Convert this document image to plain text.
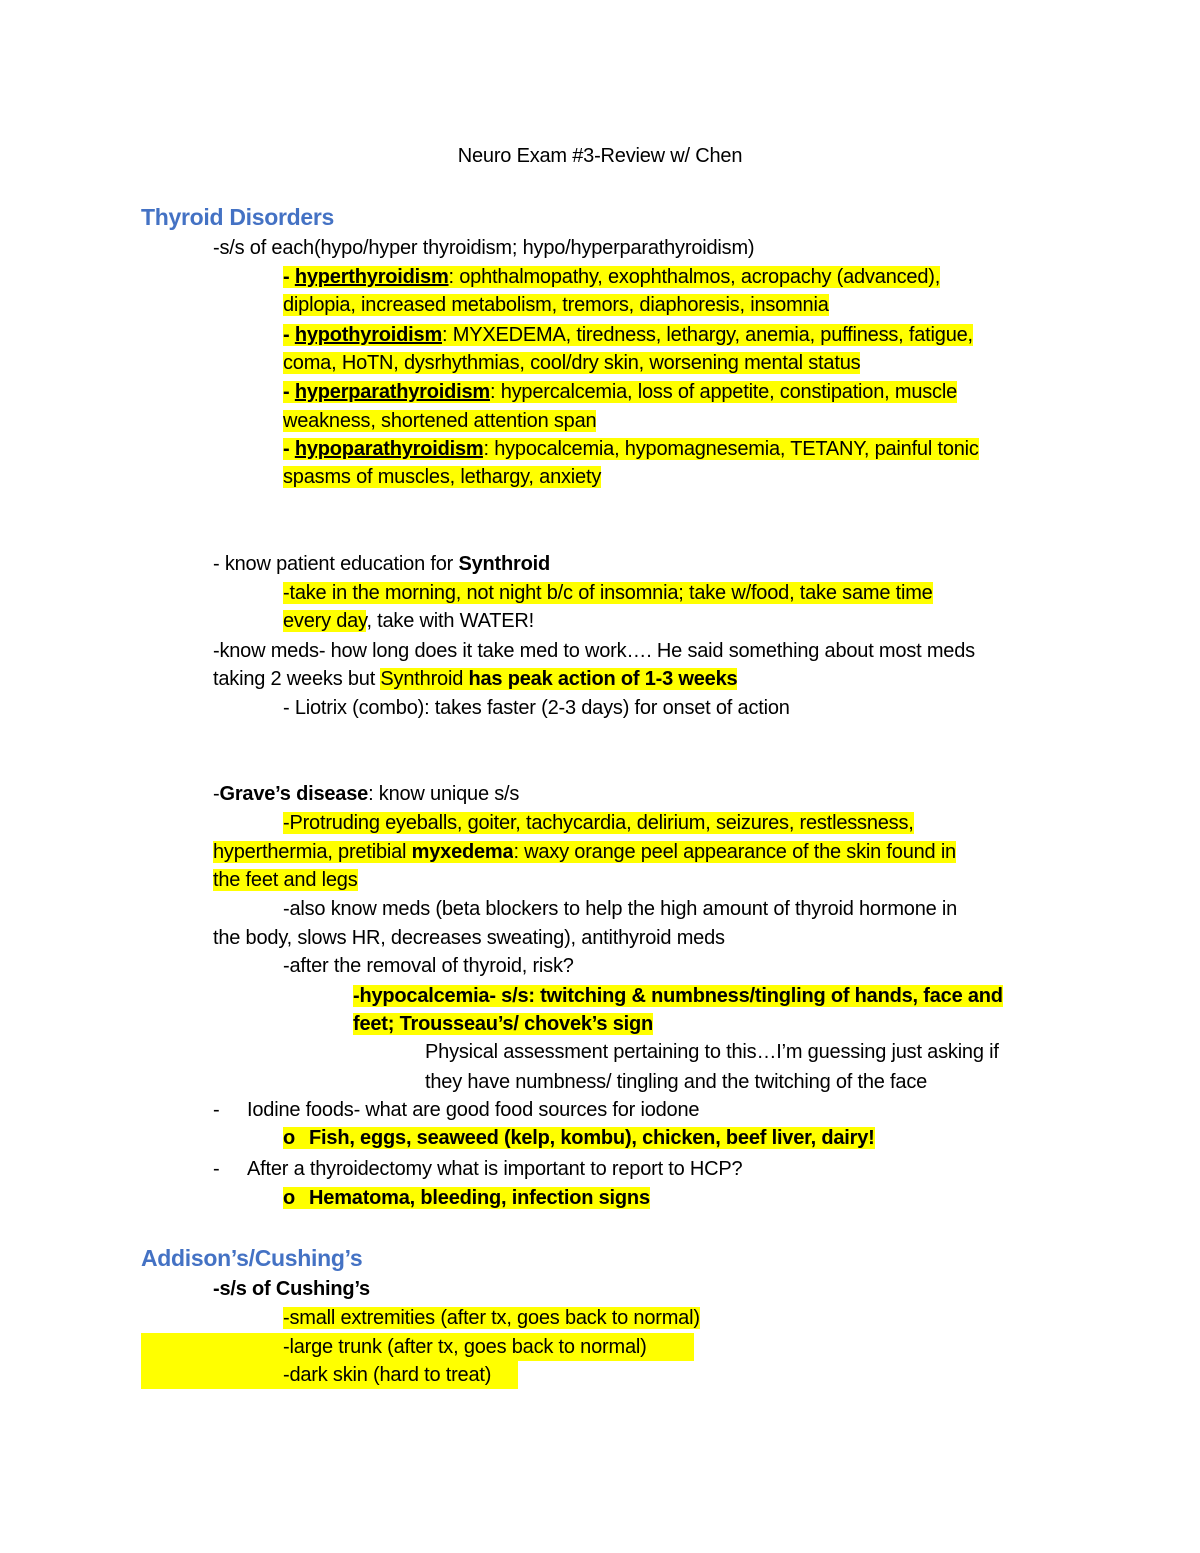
Neuro Exam #3-Review w/ Chen
Thyroid Disorders
-s/s of each(hypo/hyper thyroidism; hypo/hyperparathyroidism)
- hyperthyroidism: ophthalmopathy, exophthalmos, acropachy (advanced),
diplopia, increased metabolism, tremors, diaphoresis, insomnia
- hypothyroidism: MYXEDEMA, tiredness, lethargy, anemia, puffiness, fatigue,
coma, HoTN, dysrhythmias, cool/dry skin, worsening mental status
- hyperparathyroidism: hypercalcemia, loss of appetite, constipation, muscle
weakness, shortened attention span
- hypoparathyroidism: hypocalcemia, hypomagnesemia, TETANY, painful tonic
spasms of muscles, lethargy, anxiety
- know patient education for Synthroid
-take in the morning, not night b/c of insomnia; take w/food, take same time
every day, take with WATER!
-know meds- how long does it take med to work…. He said something about most meds
taking 2 weeks but Synthroid has peak action of 1-3 weeks
- Liotrix (combo): takes faster (2-3 days) for onset of action
-Grave’s disease: know unique s/s
-Protruding eyeballs, goiter, tachycardia, delirium, seizures, restlessness,
hyperthermia, pretibial myxedema: waxy orange peel appearance of the skin found in
the feet and legs
-also know meds (beta blockers to help the high amount of thyroid hormone in
the body, slows HR, decreases sweating), antithyroid meds
-after the removal of thyroid, risk?
-hypocalcemia- s/s: twitching & numbness/tingling of hands, face and
feet; Trousseau’s/ chovek’s sign
Physical assessment pertaining to this…I’m guessing just asking if
they have numbness/ tingling and the twitching of the face
- Iodine foods- what are good food sources for iodone
o Fish, eggs, seaweed (kelp, kombu), chicken, beef liver, dairy!
- After a thyroidectomy what is important to report to HCP?
o Hematoma, bleeding, infection signs
Addison’s/Cushing’s
-s/s of Cushing’s
-small extremities (after tx, goes back to normal)
-large trunk (after tx, goes back to normal)
-dark skin (hard to treat)
